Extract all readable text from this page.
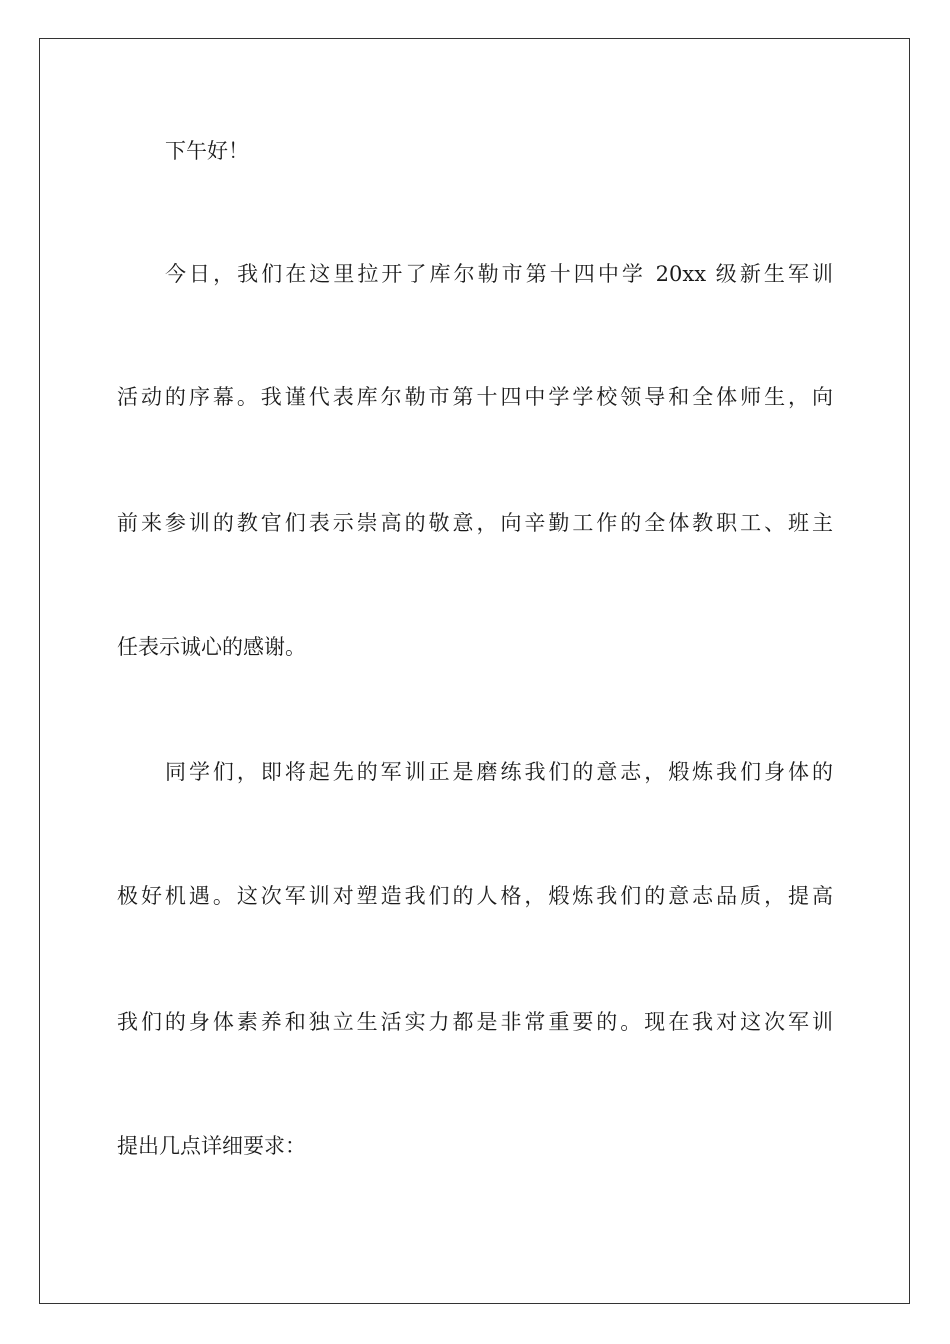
下午好！

今日，我们在这里拉开了库尔勒市第十四中学 20xx 级新生军训

活动的序幕。我谨代表库尔勒市第十四中学学校领导和全体师生，向

前来参训的教官们表示崇高的敬意，向辛勤工作的全体教职工、班主

任表示诚心的感谢。

同学们，即将起先的军训正是磨练我们的意志，煅炼我们身体的

极好机遇。这次军训对塑造我们的人格，煅炼我们的意志品质，提高

我们的身体素养和独立生活实力都是非常重要的。现在我对这次军训

提出几点详细要求：
